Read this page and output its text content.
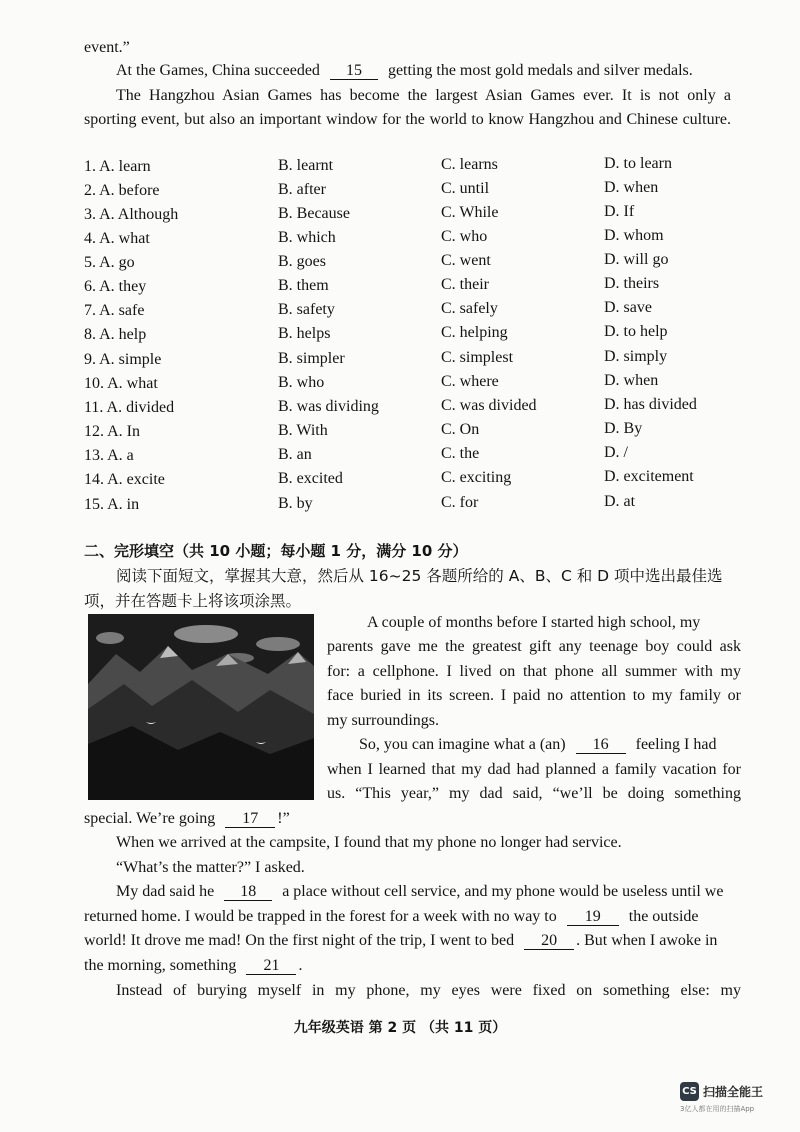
event.”
At the Games, China succeeded 15 getting the most gold medals and silver medals.
The Hangzhou Asian Games has become the largest Asian Games ever. It is not only a
sporting event, but also an important window for the world to know Hangzhou and Chinese culture.
1. A. learn	B. learnt	C. learns	D. to learn
2. A. before	B. after	C. until	D. when
3. A. Although	B. Because	C. While	D. If
4. A. what	B. which	C. who	D. whom
5. A. go	B. goes	C. went	D. will go
6. A. they	B. them	C. their	D. theirs
7. A. safe	B. safety	C. safely	D. save
8. A. help	B. helps	C. helping	D. to help
9. A. simple	B. simpler	C. simplest	D. simply
10. A. what	B. who	C. where	D. when
11. A. divided	B. was dividing	C. was divided	D. has divided
12. A. In	B. With	C. On	D. By
13. A. a	B. an	C. the	D. /
14. A. excite	B. excited	C. exciting	D. excitement
15. A. in	B. by	C. for	D. at
二、完形填空（共 10 小题；每小题 1 分，满分 10 分）
阅读下面短文，掌握其大意，然后从 16~25 各题所给的 A、B、C 和 D 项中选出最佳选
项，并在答题卡上将该项涂黑。
A couple of months before I started high school, my
parents gave me the greatest gift any teenage boy could ask
for: a cellphone. I lived on that phone all summer with my
face buried in its screen. I paid no attention to my family or
my surroundings.
So, you can imagine what a (an) 16 feeling I had
when I learned that my dad had planned a family vacation for
us. “This year,” my dad said, “we’ll be doing something
special. We’re going 17 !”
When we arrived at the campsite, I found that my phone no longer had service.
“What’s the matter?” I asked.
My dad said he 18 a place without cell service, and my phone would be useless until we
returned home. I would be trapped in the forest for a week with no way to 19 the outside
world! It drove me mad! On the first night of the trip, I went to bed 20 . But when I awoke in
the morning, something 21 .
Instead of burying myself in my phone, my eyes were fixed on something else: my
九年级英语 第 2 页 （共 11 页）
CS 扫描全能王
3亿人都在用的扫描App
